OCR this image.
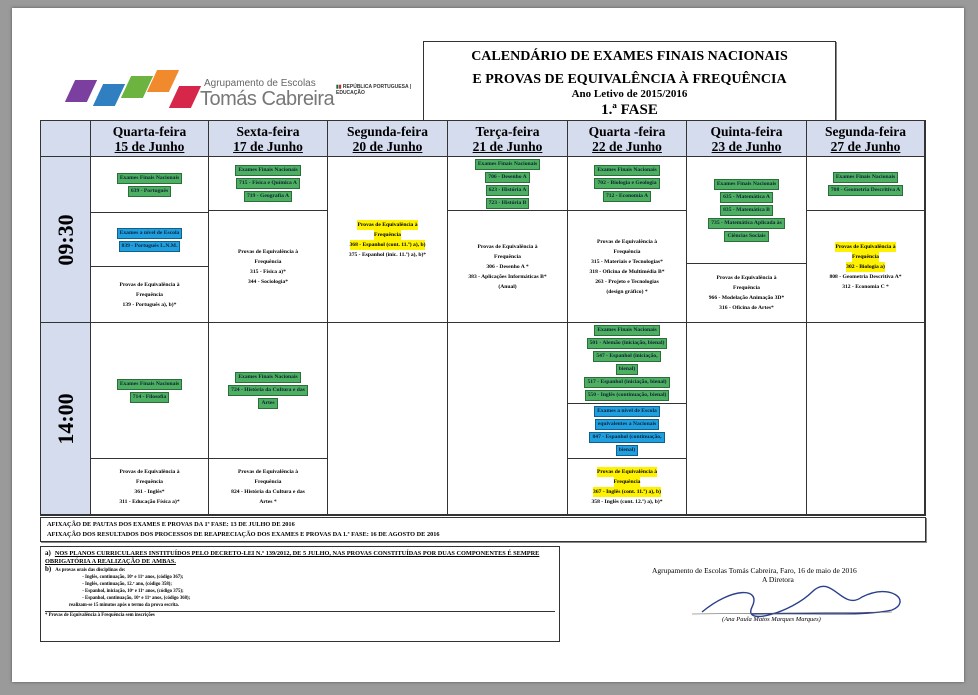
Agrupamento de Escolas
Tomás Cabreira
▮▮ REPÚBLICA PORTUGUESA | EDUCAÇÃO
CALENDÁRIO DE EXAMES FINAIS NACIONAIS
E PROVAS DE EQUIVALÊNCIA À FREQUÊNCIA
Ano Letivo de 2015/2016
1.ª FASE
09:30
14:00
Quarta-feira
15 de Junho
Exames Finais Nacionais
639 - Português
Exames a nível de Escola
839 - Português L.N.M.
Provas de Equivalência à
Frequência
139 - Português a), b)*
Exames Finais Nacionais
714 - Filosofia
Provas de Equivalência à
Frequência
361 - Inglês*
311 - Educação Física a)*
Sexta-feira
17 de Junho
Exames Finais Nacionais
715 - Física e Química A
719 - Geografia A
Provas de Equivalência à
Frequência
315 - Física a)*
344 - Sociologia*
Exames Finais Nacionais
724 - História da Cultura e das
Artes
Provas de Equivalência à
Frequência
824 - História da Cultura e das
Artes *
Segunda-feira
20 de Junho
Provas de Equivalência à
Frequência
368 - Espanhol (cont. 11.º) a), b)
375 - Espanhol (inic. 11.º) a), b)*
Terça-feira
21 de Junho
Exames Finais Nacionais
706 - Desenho A
623 - História A
723 - História B
Provas de Equivalência à
Frequência
306 - Desenho A *
383 - Aplicações Informáticas B*
(Anual)
Quarta -feira
22 de Junho
Exames Finais Nacionais
702 - Biologia e Geologia
712 - Economia A
Provas de Equivalência à
Frequência
315 - Materiais e Tecnologias*
318 - Oficina de Multimédia B*
263 - Projeto e Tecnologias
(design gráfico) *
Exames Finais Nacionais
501 - Alemão (iniciação, bienal)
547 - Espanhol (iniciação,
bienal)
517 - Espanhol (iniciação, bienal)
550 - Inglês (continuação, bienal)
Exames a nível de Escola
equivalentes a Nacionais
847 - Espanhol (continuação,
bienal)
Provas de Equivalência à
Frequência
367 - Inglês (cont. 11.º) a), b)
358 - Inglês (cont. 12.º) a), b)*
Quinta-feira
23 de Junho
Exames Finais Nacionais
635 - Matemática A
835 - Matemática B
735 - Matemática Aplicada às
Ciências Sociais
Provas de Equivalência à
Frequência
966 - Modelação Animação 3D*
316 - Oficina de Artes*
Segunda-feira
27 de Junho
Exames Finais Nacionais
708 - Geometria Descritiva A
Provas de Equivalência à
Frequência
302 - Biologia a)
808 - Geometria Descritiva A*
312 - Economia C *
AFIXAÇÃO DE PAUTAS DOS EXAMES E PROVAS DA 1ª FASE: 13 DE JULHO DE 2016
AFIXAÇÃO DOS RESULTADOS DOS PROCESSOS DE REAPRECIAÇÃO DOS EXAMES E PROVAS DA 1.ª FASE: 16 DE AGOSTO DE 2016
a) NOS PLANOS CURRICULARES INSTITUÍDOS PELO DECRETO-LEI N.º 139/2012, DE 5 JULHO, NAS PROVAS CONSTITUÍDAS POR DUAS COMPONENTES É SEMPRE OBRIGATÓRIA A REALIZAÇÃO DE AMBAS.
b) As provas orais das disciplinas de:
- Inglês, continuação, 10º e 11º anos, (código 367);
- Inglês, continuação, 12.º ano, (código 358);
- Espanhol, iniciação, 10º e 11º anos, (código 375);
- Espanhol, continuação, 10º e 11º anos, (código 368);
realizam-se 15 minutos após o termo da prova escrita.
* Provas de Equivalência à Frequência sem inscrições
Agrupamento de Escolas Tomás Cabreira, Faro, 16 de maio de 2016
A Diretora
(Ana Paula Matos Marques Marques)
